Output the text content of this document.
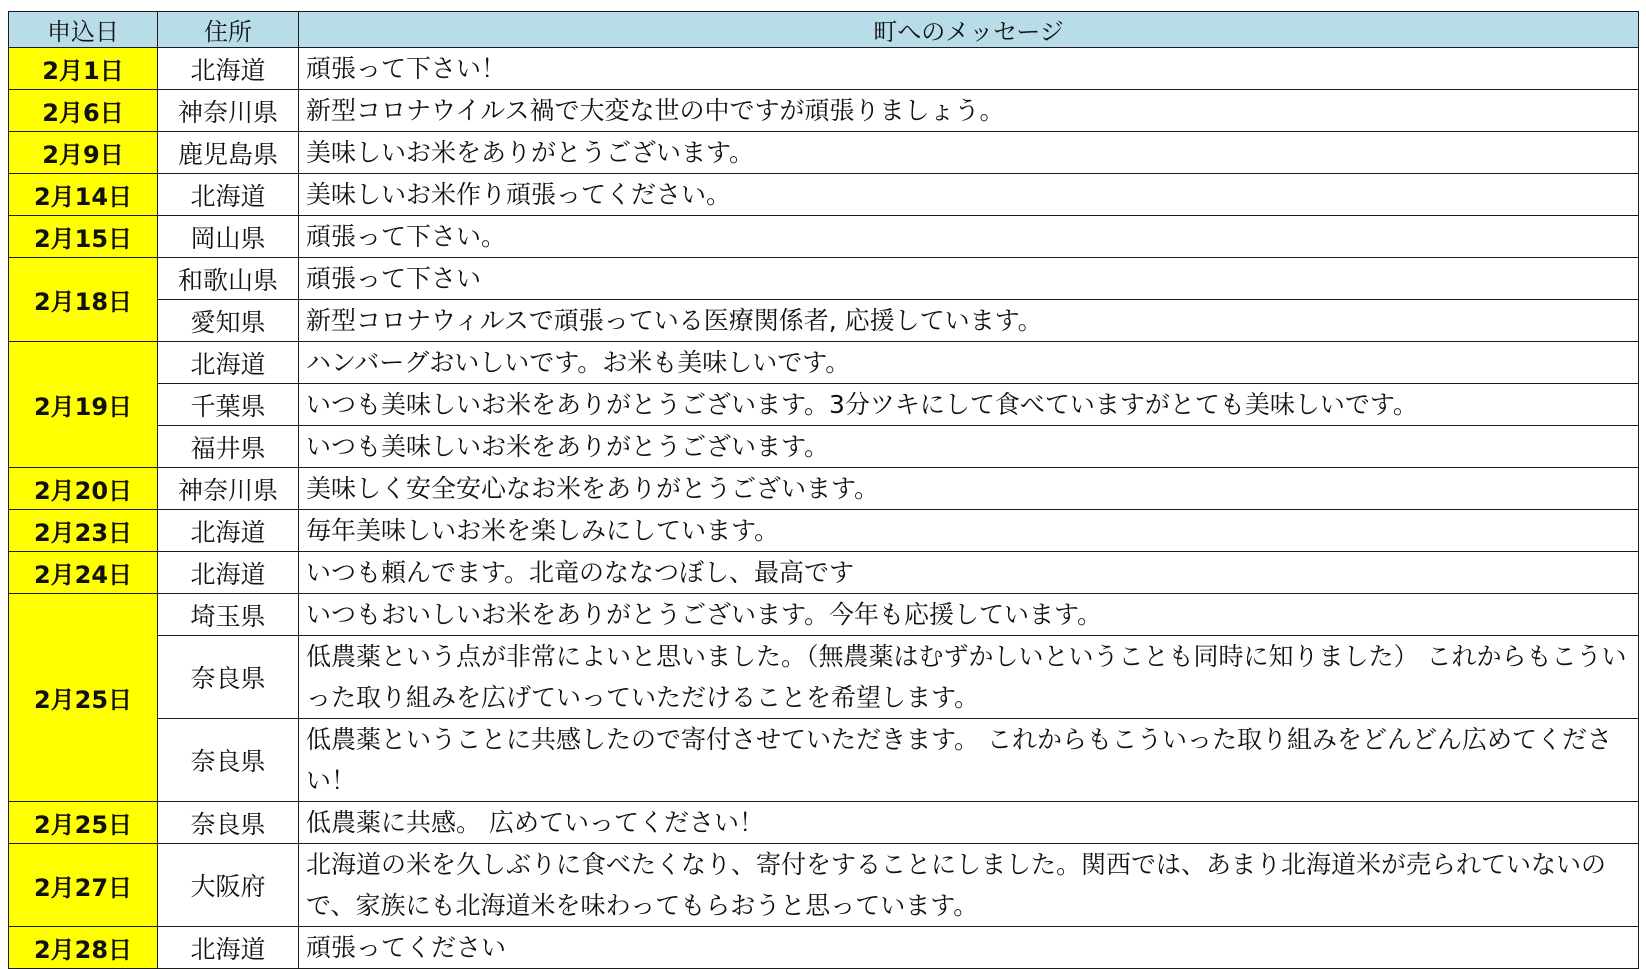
申込日	住所	町へのメッセージ
2月1日	北海道	頑張って下さい！
2月6日	神奈川県	新型コロナウイルス禍で大変な世の中ですが頑張りましょう。
2月9日	鹿児島県	美味しいお米をありがとうございます。
2月14日	北海道	美味しいお米作り頑張ってください。
2月15日	岡山県	頑張って下さい。
2月18日	和歌山県	頑張って下さい
	愛知県	新型コロナウィルスで頑張っている医療関係者, 応援しています。
2月19日	北海道	ハンバーグおいしいです。お米も美味しいです。
	千葉県	いつも美味しいお米をありがとうございます。3分ツキにして食べていますがとても美味しいです。
	福井県	いつも美味しいお米をありがとうございます。
2月20日	神奈川県	美味しく安全安心なお米をありがとうございます。
2月23日	北海道	毎年美味しいお米を楽しみにしています。
2月24日	北海道	いつも頼んでます。北竜のななつぼし、最高です
2月25日	埼玉県	いつもおいしいお米をありがとうございます。今年も応援しています。
	奈良県	低農薬という点が非常によいと思いました。（無農薬はむずかしいということも同時に知りました） これからもこういった取り組みを広げていっていただけることを希望します。
	奈良県	低農薬ということに共感したので寄付させていただきます。 これからもこういった取り組みをどんどん広めてください！
2月25日	奈良県	低農薬に共感。 広めていってください！
2月27日	大阪府	北海道の米を久しぶりに食べたくなり、寄付をすることにしました。関西では、あまり北海道米が売られていないので、家族にも北海道米を味わってもらおうと思っています。
2月28日	北海道	頑張ってください
